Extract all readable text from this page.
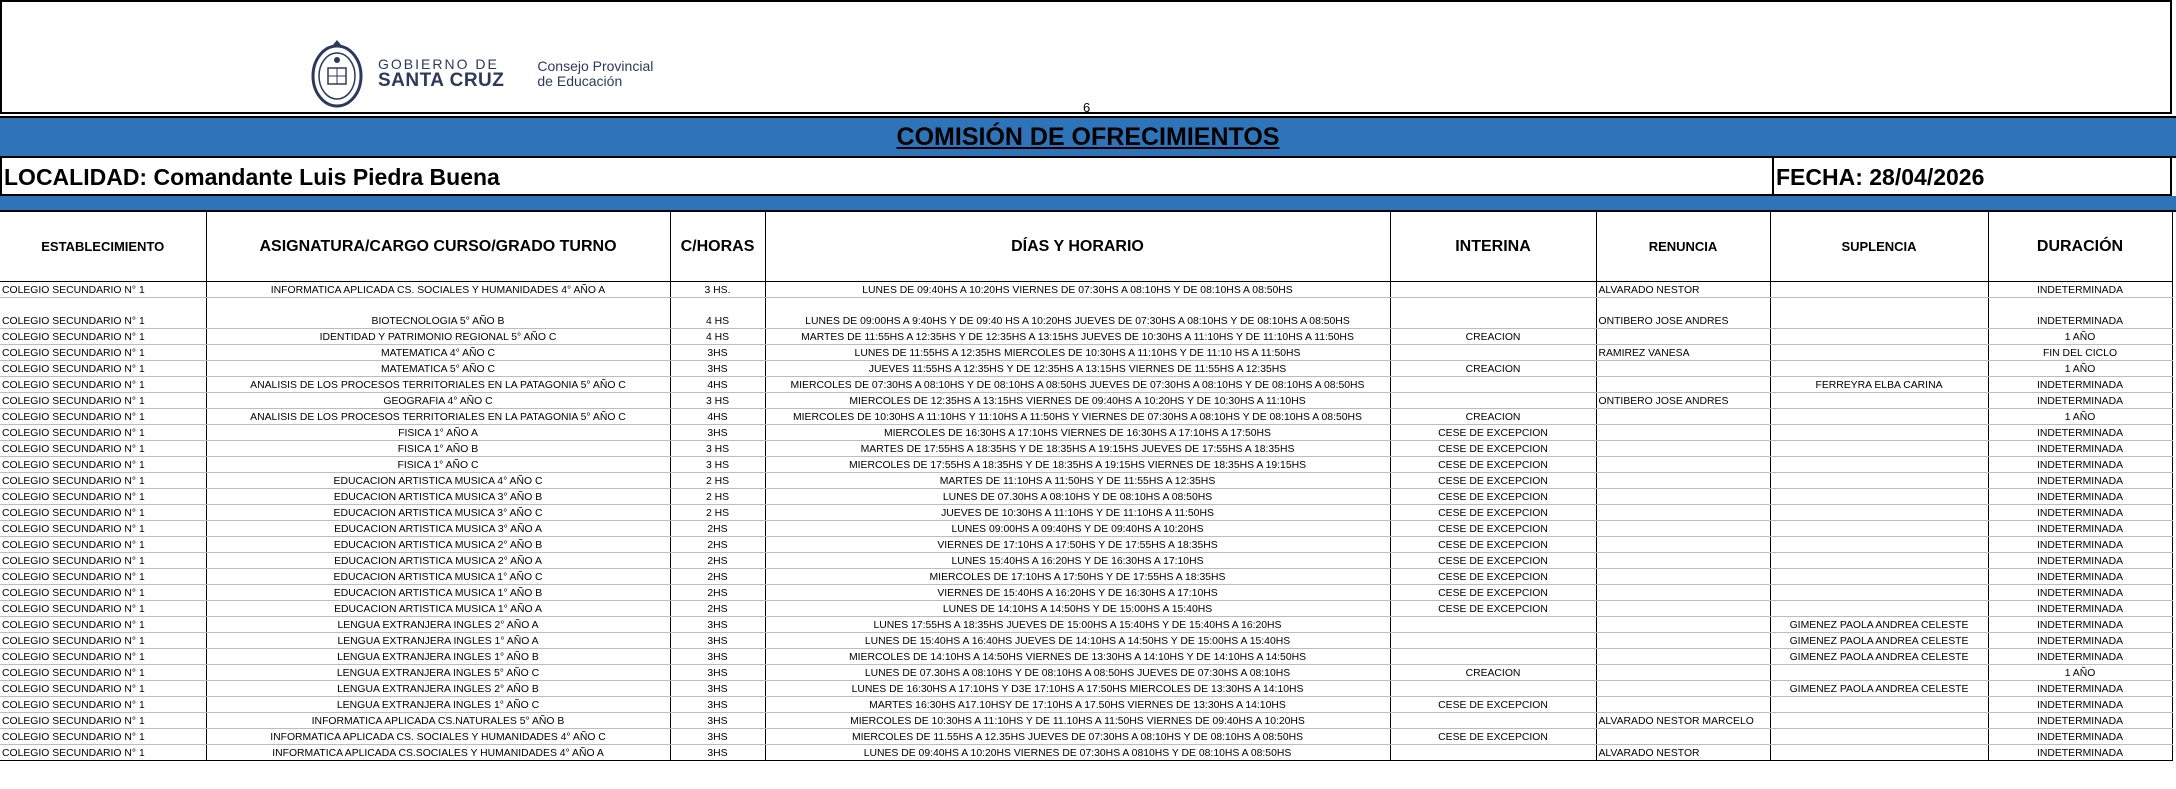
GOBIERNO DE
SANTA CRUZ
Consejo Provincial
de Educación
6
COMISIÓN DE OFRECIMIENTOS
LOCALIDAD: Comandante Luis Piedra Buena	FECHA: 28/04/2026
ESTABLECIMIENTO	ASIGNATURA/CARGO CURSO/GRADO TURNO	C/HORAS	DÍAS Y HORARIO	INTERINA	RENUNCIA	SUPLENCIA	DURACIÓN
COLEGIO SECUNDARIO N° 1	INFORMATICA APLICADA CS. SOCIALES Y HUMANIDADES 4° AÑO A	3 HS.	LUNES DE 09:40HS A 10:20HS VIERNES DE 07:30HS A 08:10HS Y DE 08:10HS A 08:50HS		ALVARADO NESTOR		INDETERMINADA
COLEGIO SECUNDARIO N° 1	BIOTECNOLOGIA 5° AÑO B	4 HS	LUNES DE 09:00HS A 9:40HS Y DE 09:40 HS A 10:20HS JUEVES DE 07:30HS A 08:10HS Y DE 08:10HS A 08:50HS		ONTIBERO JOSE ANDRES		INDETERMINADA
COLEGIO SECUNDARIO N° 1	IDENTIDAD Y PATRIMONIO REGIONAL 5° AÑO C	4 HS	MARTES DE 11:55HS A 12:35HS Y DE 12:35HS A 13:15HS JUEVES DE 10:30HS A 11:10HS Y DE 11:10HS A 11:50HS	CREACION			1 AÑO
COLEGIO SECUNDARIO N° 1	MATEMATICA 4° AÑO C	3HS	LUNES DE 11:55HS A 12:35HS MIERCOLES DE 10:30HS A 11:10HS Y DE 11:10 HS A 11:50HS		RAMIREZ VANESA		FIN DEL CICLO
COLEGIO SECUNDARIO N° 1	MATEMATICA 5° AÑO C	3HS	JUEVES 11:55HS A 12:35HS Y DE 12:35HS A 13:15HS VIERNES DE 11:55HS A 12:35HS	CREACION			1 AÑO
COLEGIO SECUNDARIO N° 1	ANALISIS DE LOS PROCESOS TERRITORIALES EN LA PATAGONIA 5° AÑO C	4HS	MIERCOLES DE 07:30HS A 08:10HS Y DE 08:10HS A 08:50HS JUEVES DE 07:30HS A 08:10HS Y DE 08:10HS A 08:50HS			FERREYRA ELBA CARINA	INDETERMINADA
COLEGIO SECUNDARIO N° 1	GEOGRAFIA 4° AÑO C	3 HS	MIERCOLES DE 12:35HS A 13:15HS VIERNES DE 09:40HS A 10:20HS Y DE 10:30HS A 11:10HS		ONTIBERO JOSE ANDRES		INDETERMINADA
COLEGIO SECUNDARIO N° 1	ANALISIS DE LOS PROCESOS TERRITORIALES EN LA PATAGONIA 5° AÑO C	4HS	MIERCOLES DE 10:30HS A 11:10HS Y 11:10HS A 11:50HS Y VIERNES DE 07:30HS A 08:10HS Y DE 08:10HS A 08:50HS	CREACION			1 AÑO
COLEGIO SECUNDARIO N° 1	FISICA 1° AÑO A	3HS	MIERCOLES DE 16:30HS A 17:10HS VIERNES DE 16:30HS A 17:10HS A 17:50HS	CESE DE EXCEPCION			INDETERMINADA
COLEGIO SECUNDARIO N° 1	FISICA 1° AÑO B	3 HS	MARTES DE 17:55HS A 18:35HS Y DE 18:35HS A 19:15HS JUEVES DE 17:55HS A 18:35HS	CESE DE EXCEPCION			INDETERMINADA
COLEGIO SECUNDARIO N° 1	FISICA 1° AÑO C	3 HS	MIERCOLES DE 17:55HS A 18:35HS Y DE 18:35HS A 19:15HS VIERNES DE 18:35HS A 19:15HS	CESE DE EXCEPCION			INDETERMINADA
COLEGIO SECUNDARIO N° 1	EDUCACION ARTISTICA MUSICA 4° AÑO C	2 HS	MARTES DE 11:10HS A 11:50HS Y DE 11:55HS A 12:35HS	CESE DE EXCEPCION			INDETERMINADA
COLEGIO SECUNDARIO N° 1	EDUCACION ARTISTICA MUSICA 3° AÑO B	2 HS	LUNES DE 07.30HS A 08:10HS Y DE 08:10HS A 08:50HS	CESE DE EXCEPCION			INDETERMINADA
COLEGIO SECUNDARIO N° 1	EDUCACION ARTISTICA MUSICA 3° AÑO C	2 HS	JUEVES DE 10:30HS A 11:10HS Y DE 11:10HS A 11:50HS	CESE DE EXCEPCION			INDETERMINADA
COLEGIO SECUNDARIO N° 1	EDUCACION ARTISTICA MUSICA 3° AÑO A	2HS	LUNES 09:00HS A 09:40HS Y DE 09:40HS A 10:20HS	CESE DE EXCEPCION			INDETERMINADA
COLEGIO SECUNDARIO N° 1	EDUCACION ARTISTICA MUSICA 2° AÑO B	2HS	VIERNES DE 17:10HS A 17:50HS Y DE 17:55HS A 18:35HS	CESE DE EXCEPCION			INDETERMINADA
COLEGIO SECUNDARIO N° 1	EDUCACION ARTISTICA MUSICA 2° AÑO A	2HS	LUNES 15:40HS A 16:20HS Y DE 16:30HS A 17:10HS	CESE DE EXCEPCION			INDETERMINADA
COLEGIO SECUNDARIO N° 1	EDUCACION ARTISTICA MUSICA 1° AÑO C	2HS	MIERCOLES DE 17:10HS A 17:50HS Y DE 17:55HS A 18:35HS	CESE DE EXCEPCION			INDETERMINADA
COLEGIO SECUNDARIO N° 1	EDUCACION ARTISTICA MUSICA 1° AÑO B	2HS	VIERNES DE 15:40HS A 16:20HS Y DE 16:30HS A 17:10HS	CESE DE EXCEPCION			INDETERMINADA
COLEGIO SECUNDARIO N° 1	EDUCACION ARTISTICA MUSICA 1° AÑO A	2HS	LUNES DE 14:10HS A 14:50HS Y DE 15:00HS A 15:40HS	CESE DE EXCEPCION			INDETERMINADA
COLEGIO SECUNDARIO N° 1	LENGUA EXTRANJERA INGLES 2° AÑO A	3HS	LUNES 17:55HS A 18:35HS JUEVES DE 15:00HS A 15:40HS Y DE 15:40HS A 16:20HS			GIMENEZ PAOLA ANDREA CELESTE	INDETERMINADA
COLEGIO SECUNDARIO N° 1	LENGUA EXTRANJERA INGLES 1° AÑO A	3HS	LUNES DE 15:40HS A 16:40HS JUEVES DE 14:10HS A 14:50HS Y DE 15:00HS A 15:40HS			GIMENEZ PAOLA ANDREA CELESTE	INDETERMINADA
COLEGIO SECUNDARIO N° 1	LENGUA EXTRANJERA INGLES 1° AÑO B	3HS	MIERCOLES DE 14:10HS A 14:50HS VIERNES DE 13:30HS A 14:10HS Y DE 14:10HS A 14:50HS			GIMENEZ PAOLA ANDREA CELESTE	INDETERMINADA
COLEGIO SECUNDARIO N° 1	LENGUA EXTRANJERA INGLES 5° AÑO C	3HS	LUNES DE 07.30HS A 08:10HS Y DE 08:10HS A 08:50HS JUEVES DE 07:30HS A 08:10HS	CREACION			1 AÑO
COLEGIO SECUNDARIO N° 1	LENGUA EXTRANJERA INGLES 2° AÑO B	3HS	LUNES DE 16:30HS A 17:10HS Y D3E 17:10HS A 17:50HS MIERCOLES DE 13:30HS A 14:10HS			GIMENEZ PAOLA ANDREA CELESTE	INDETERMINADA
COLEGIO SECUNDARIO N° 1	LENGUA EXTRANJERA INGLES 1° AÑO C	3HS	MARTES 16:30HS A17.10HSY DE 17:10HS A 17.50HS VIERNES DE 13:30HS A 14:10HS	CESE DE EXCEPCION			INDETERMINADA
COLEGIO SECUNDARIO N° 1	INFORMATICA APLICADA CS.NATURALES 5° AÑO B	3HS	MIERCOLES DE 10:30HS A 11:10HS Y DE 11.10HS A 11:50HS VIERNES DE 09:40HS A 10:20HS		ALVARADO NESTOR MARCELO		INDETERMINADA
COLEGIO SECUNDARIO N° 1	INFORMATICA APLICADA CS. SOCIALES Y HUMANIDADES 4° AÑO C	3HS	MIERCOLES DE 11.55HS A 12.35HS JUEVES DE 07:30HS A 08:10HS Y DE 08:10HS A 08:50HS	CESE DE EXCEPCION			INDETERMINADA
COLEGIO SECUNDARIO N° 1	INFORMATICA APLICADA CS.SOCIALES Y HUMANIDADES 4° AÑO A	3HS	LUNES DE 09:40HS A 10:20HS VIERNES DE 07:30HS A 0810HS Y DE 08:10HS A 08:50HS		ALVARADO NESTOR		INDETERMINADA
